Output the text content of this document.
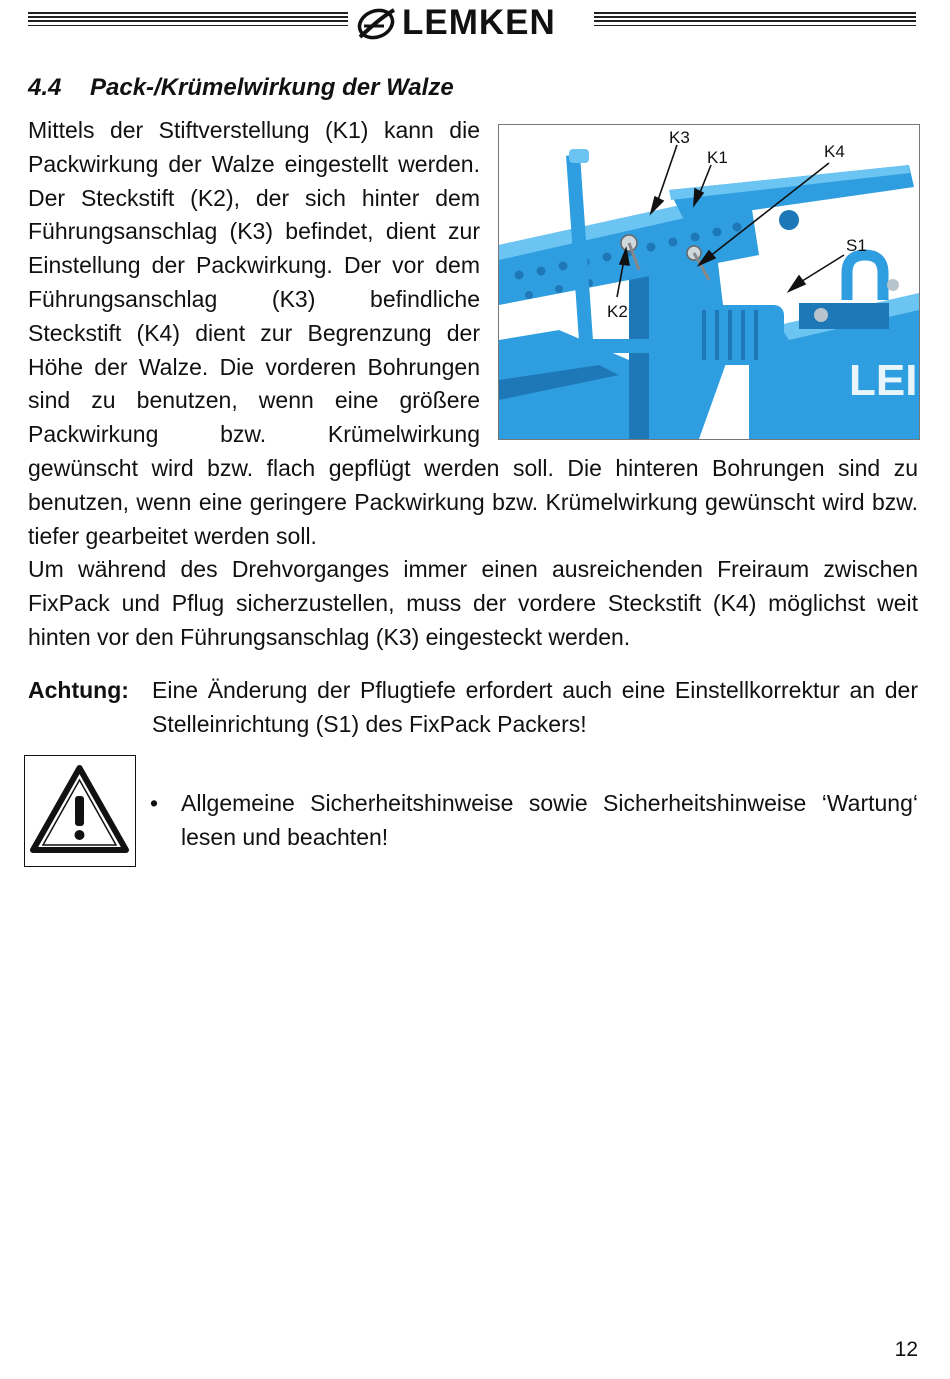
LEMKEN
4.4 Pack-/Krümelwirkung der Walze
LEI
K3
K1	K4
S1
K2

Mittels der Stiftverstellung (K1) kann die Packwirkung der Walze eingestellt werden. Der Steckstift (K2), der sich hinter dem Führungsanschlag (K3) befindet, dient zur Einstellung der Packwirkung. Der vor dem Führungsanschlag (K3) befindliche Steckstift (K4) dient zur Begrenzung der Höhe der Walze. Die vorderen Bohrungen sind zu benutzen, wenn eine größere Packwirkung bzw. Krümelwirkung gewünscht wird bzw. flach gepflügt werden soll. Die hinteren Bohrungen sind zu benutzen, wenn eine geringere Packwirkung bzw. Krümelwirkung gewünscht wird bzw. tiefer gearbeitet werden soll.

Um während des Drehvorganges immer einen ausreichenden Freiraum zwischen FixPack und Pflug sicherzustellen, muss der vordere Steckstift (K4) möglichst weit hinten vor den Führungsanschlag (K3) eingesteckt werden.

Achtung: Eine Änderung der Pflugtiefe erfordert auch eine Einstellkorrektur an der Stelleinrichtung (S1) des FixPack Packers!
• Allgemeine Sicherheitshinweise sowie Sicherheitshinweise ‘Wartung‘ lesen und beachten!
12
